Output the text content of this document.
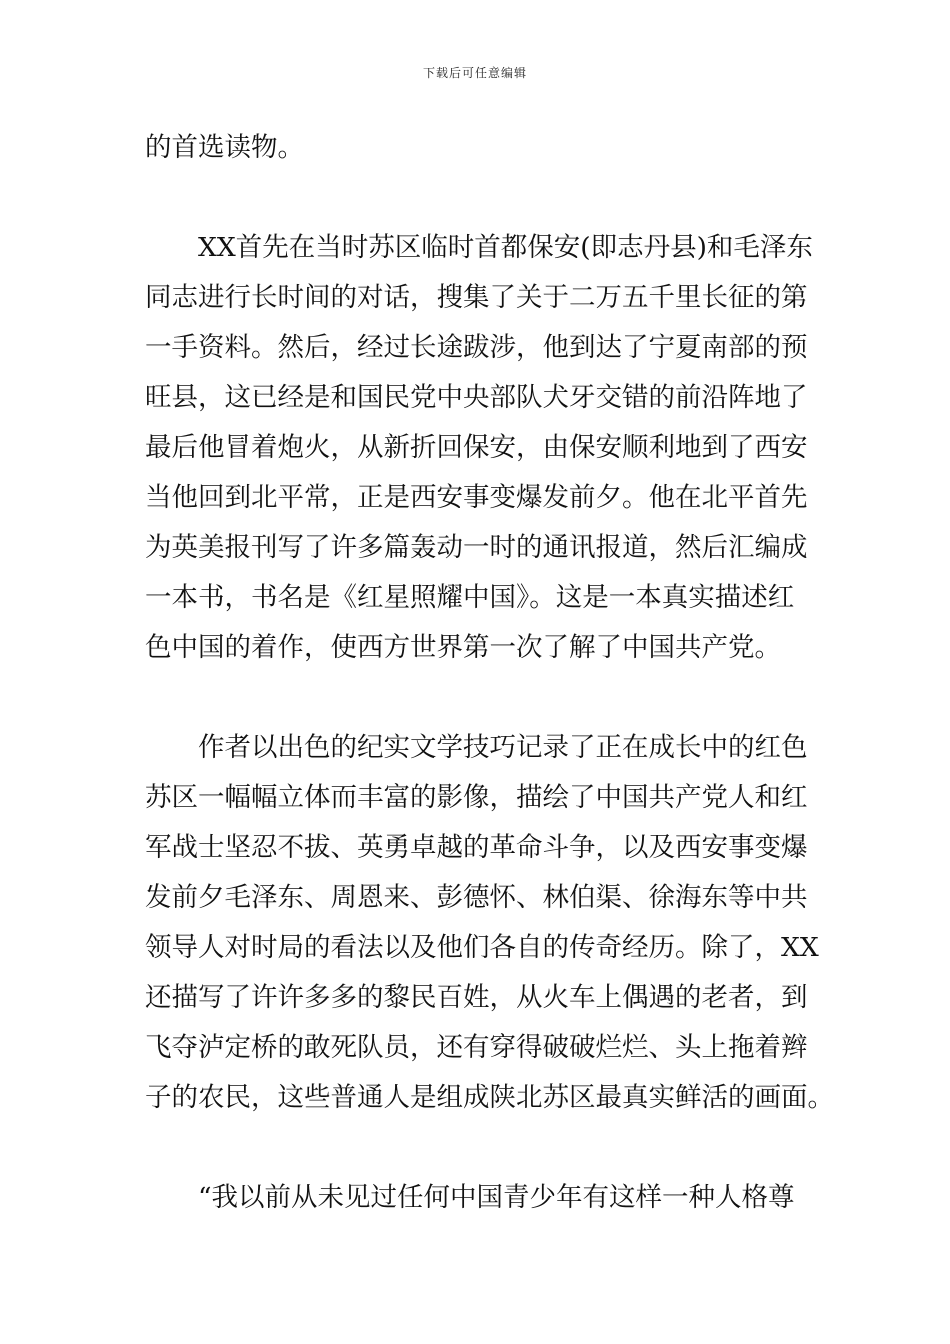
下载后可任意编辑
的首选读物。
　　XX首先在当时苏区临时首都保安(即志丹县)和毛泽东
同志进行长时间的对话，搜集了关于二万五千里长征的第
一手资料。然后，经过长途跋涉，他到达了宁夏南部的预
旺县，这已经是和国民党中央部队犬牙交错的前沿阵地了
最后他冒着炮火，从新折回保安，由保安顺利地到了西安
当他回到北平常，正是西安事变爆发前夕。他在北平首先
为英美报刊写了许多篇轰动一时的通讯报道，然后汇编成
一本书，书名是《红星照耀中国》。这是一本真实描述红
色中国的着作，使西方世界第一次了解了中国共产党。
　　作者以出色的纪实文学技巧记录了正在成长中的红色
苏区一幅幅立体而丰富的影像，描绘了中国共产党人和红
军战士坚忍不拔、英勇卓越的革命斗争，以及西安事变爆
发前夕毛泽东、周恩来、彭德怀、林伯渠、徐海东等中共
领导人对时局的看法以及他们各自的传奇经历。除了，XX
还描写了许许多多的黎民百姓，从火车上偶遇的老者，到
飞夺泸定桥的敢死队员，还有穿得破破烂烂、头上拖着辫
子的农民，这些普通人是组成陕北苏区最真实鲜活的画面。
　　“我以前从未见过任何中国青少年有这样一种人格尊
